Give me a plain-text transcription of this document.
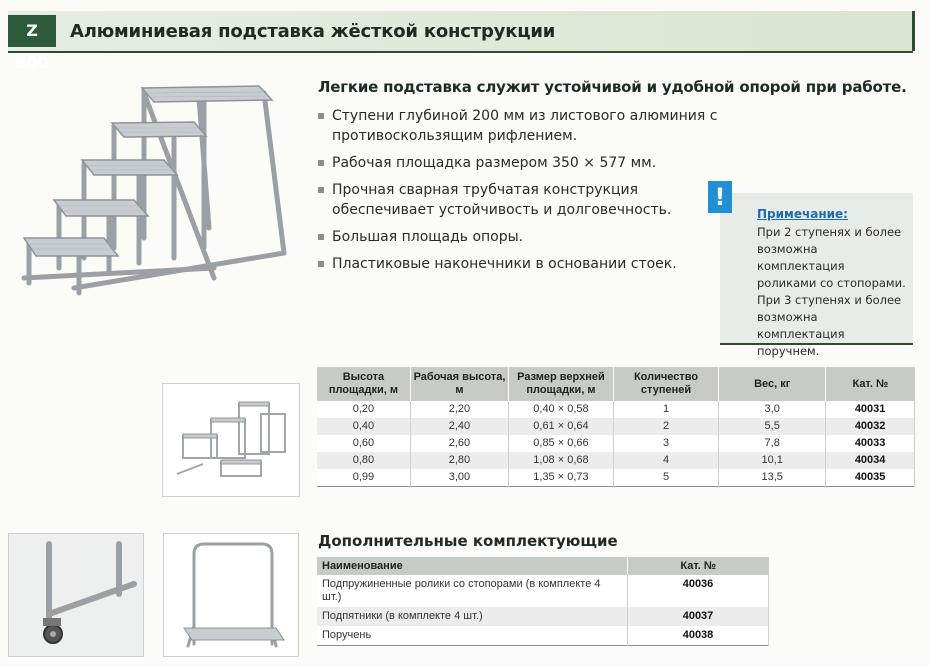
Z 600
Алюминиевая подставка жёсткой конструкции
Легкие подставка служит устойчивой и удобной опорой при работе.
Ступени глубиной 200 мм из листового алюминия с противоскользящим рифлением.
Рабочая площадка размером 350 × 577 мм.
Прочная сварная трубчатая конструкция обеспечивает устойчивость и долговечность.
Большая площадь опоры.
Пластиковые наконечники в основании стоек.
!
Примечание:
При 2 ступенях и более возможна комплектация роликами со стопорами. При 3 ступенях и более возможна комплектация поручнем.
Высота площадки, м	Рабочая высота, м	Размер верхней площадки, м	Количество ступеней	Вес, кг	Кат. №
0,20	2,20	0,40 × 0,58	1	3,0	40031
0,40	2,40	0,61 × 0,64	2	5,5	40032
0,60	2,60	0,85 × 0,66	3	7,8	40033
0,80	2,80	1,08 × 0,68	4	10,1	40034
0,99	3,00	1,35 × 0,73	5	13,5	40035
Дополнительные комплектующие
Наименование	Кат. №
Подпружиненные ролики со стопорами (в комплекте 4 шт.)	40036
Подпятники (в комплекте 4 шт.)	40037
Поручень	40038
